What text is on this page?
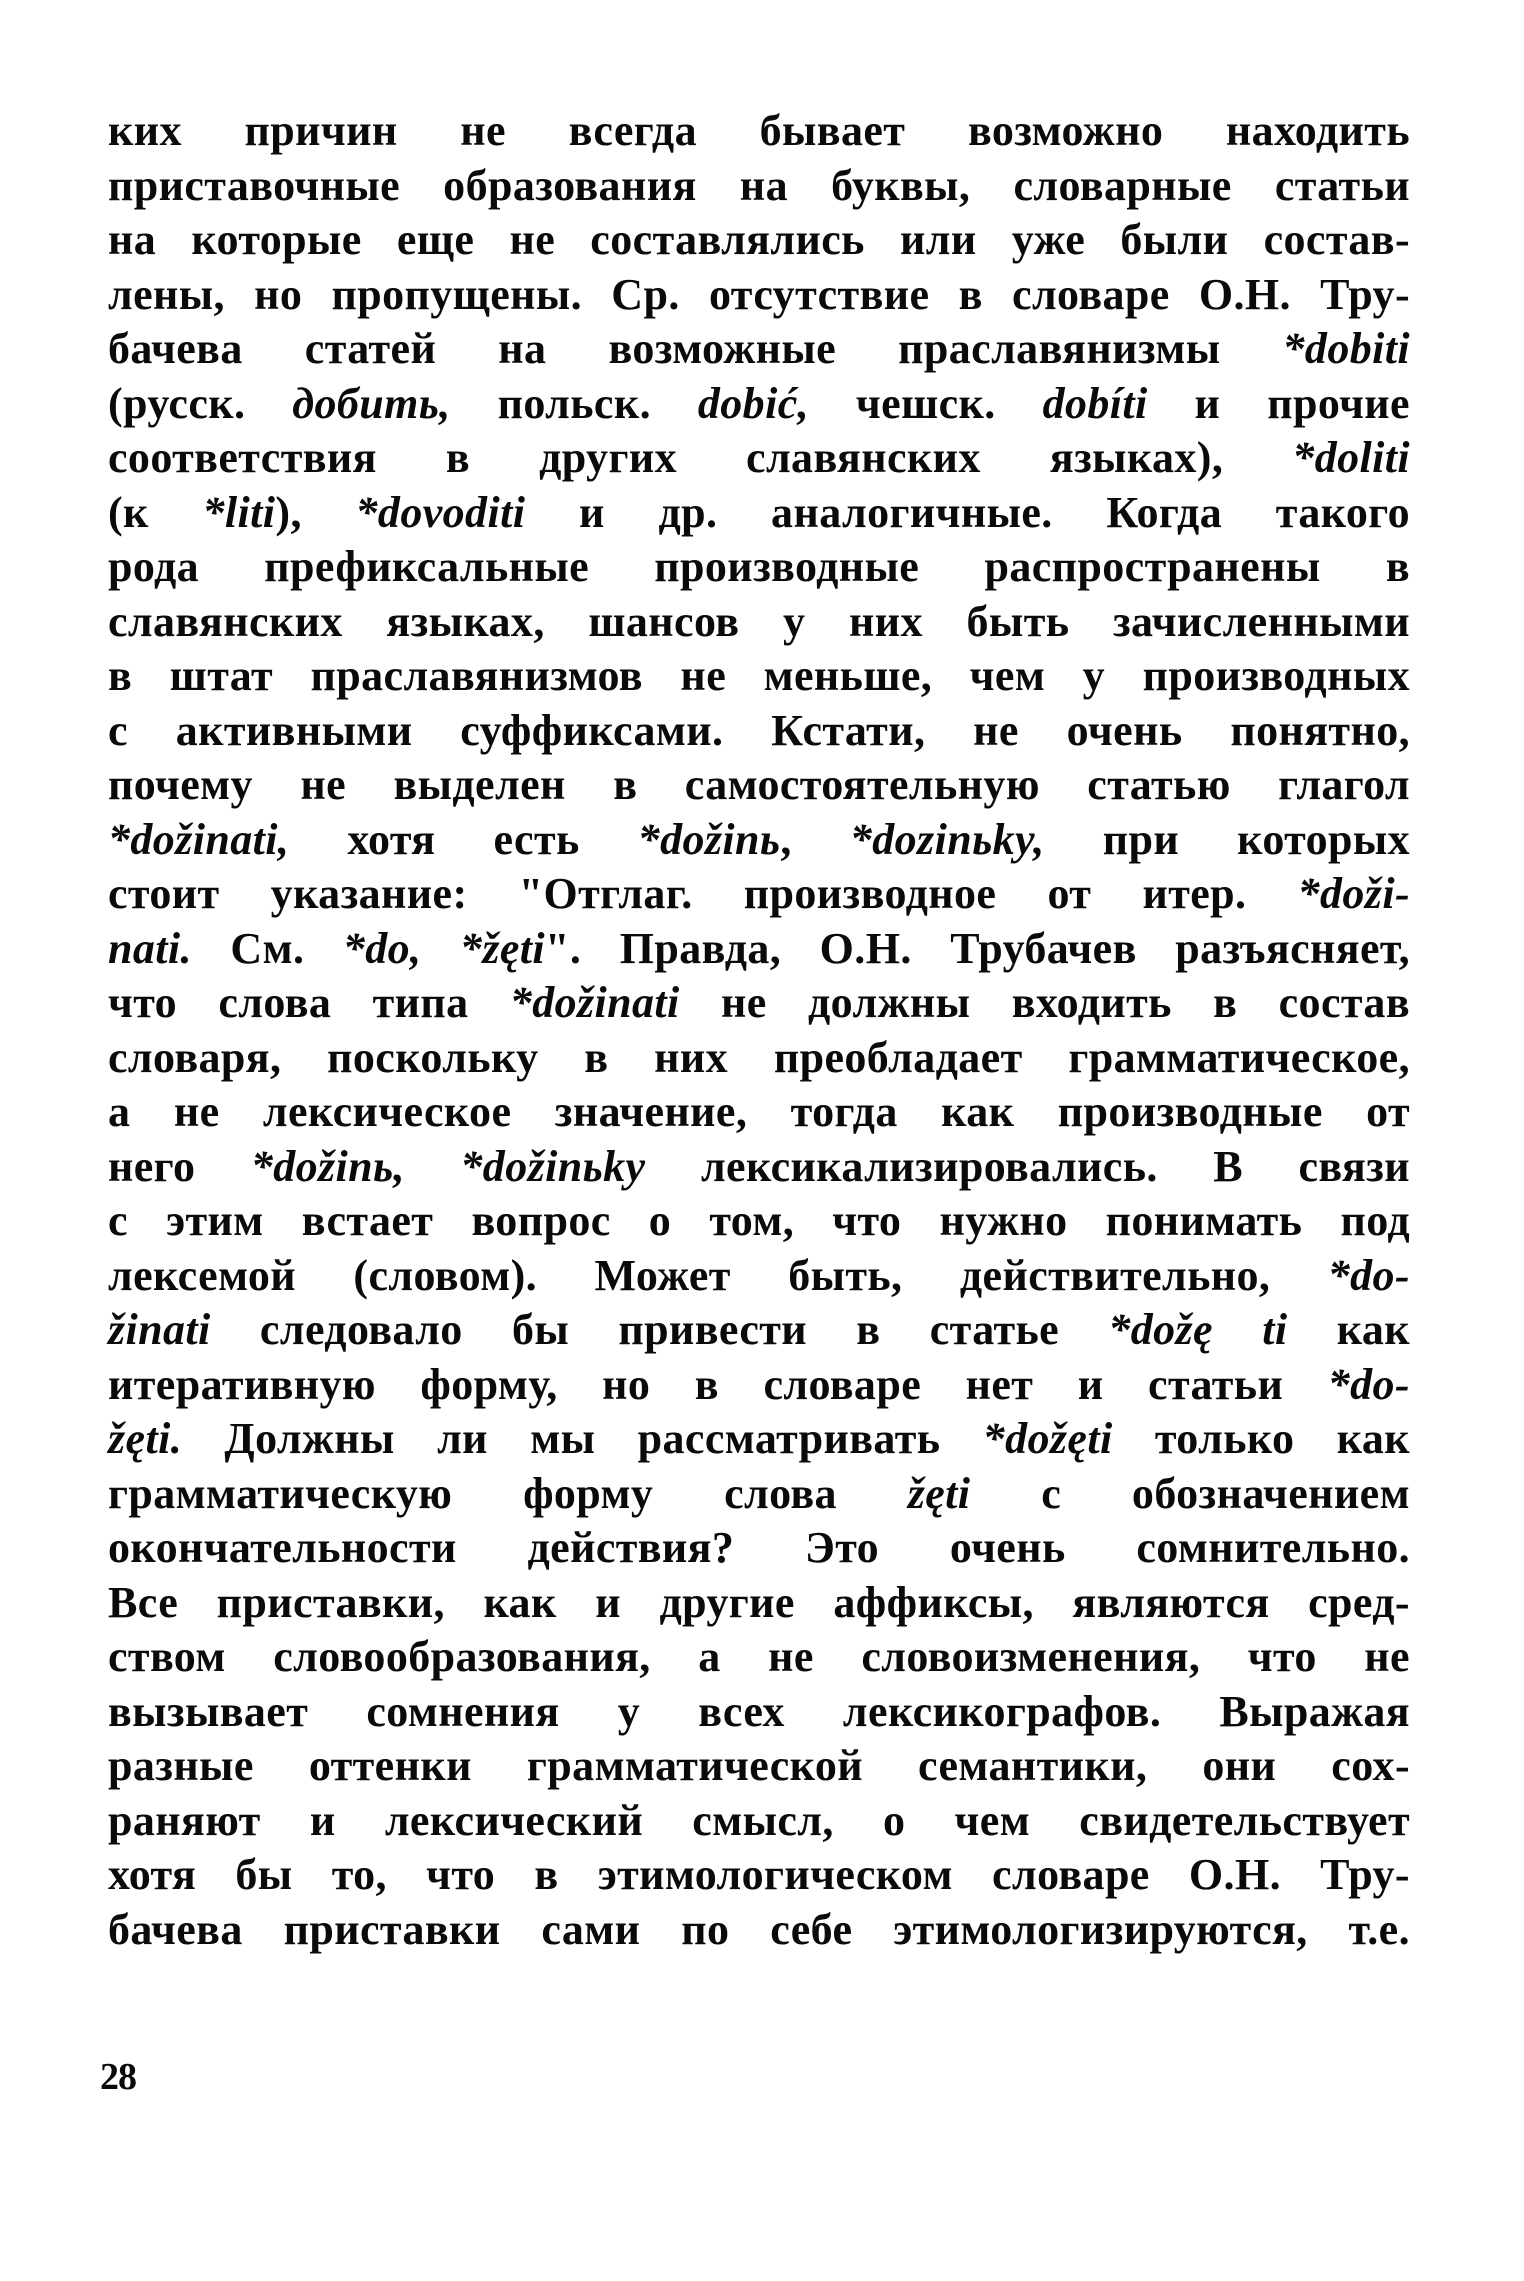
ких причин не всегда бывает возможно находить
приставочные образования на буквы, словарные статьи
на которые еще не составлялись или уже были состав-
лены, но пропущены. Ср. отсутствие в словаре О.Н. Тру-
бачева статей на возможные праславянизмы *dobiti
(русск. добить, польск. dobić, чешск. dobíti и прочие
соответствия в других славянских языках), *doliti
(к *liti), *dovoditi и др. аналогичные. Когда такого
рода префиксальные производные распространены в
славянских языках, шансов у них быть зачисленными
в штат праславянизмов не меньше, чем у производных
с активными суффиксами. Кстати, не очень понятно,
почему не выделен в самостоятельную статью глагол
*dožinati, хотя есть *dožinь, *dozinьky, при которых
стоит указание: "Отглаг. производное от итер. *doži-
nati. См. *do, *žęti". Правда, О.Н. Трубачев разъясняет,
что слова типа *dožinati не должны входить в состав
словаря, поскольку в них преобладает грамматическое,
а не лексическое значение, тогда как производные от
него *dožinь, *dožinьky лексикализировались. В связи
с этим встает вопрос о том, что нужно понимать под
лексемой (словом). Может быть, действительно, *do-
žinati следовало бы привести в статье *dožę ti как
итеративную форму, но в словаре нет и статьи *do-
žęti. Должны ли мы рассматривать *dožęti только как
грамматическую форму слова žęti с обозначением
окончательности действия? Это очень сомнительно.
Все приставки, как и другие аффиксы, являются сред-
ством словообразования, а не словоизменения, что не
вызывает сомнения у всех лексикографов. Выражая
разные оттенки грамматической семантики, они сох-
раняют и лексический смысл, о чем свидетельствует
хотя бы то, что в этимологическом словаре О.Н. Тру-
бачева приставки сами по себе этимологизируются, т.е.
28
